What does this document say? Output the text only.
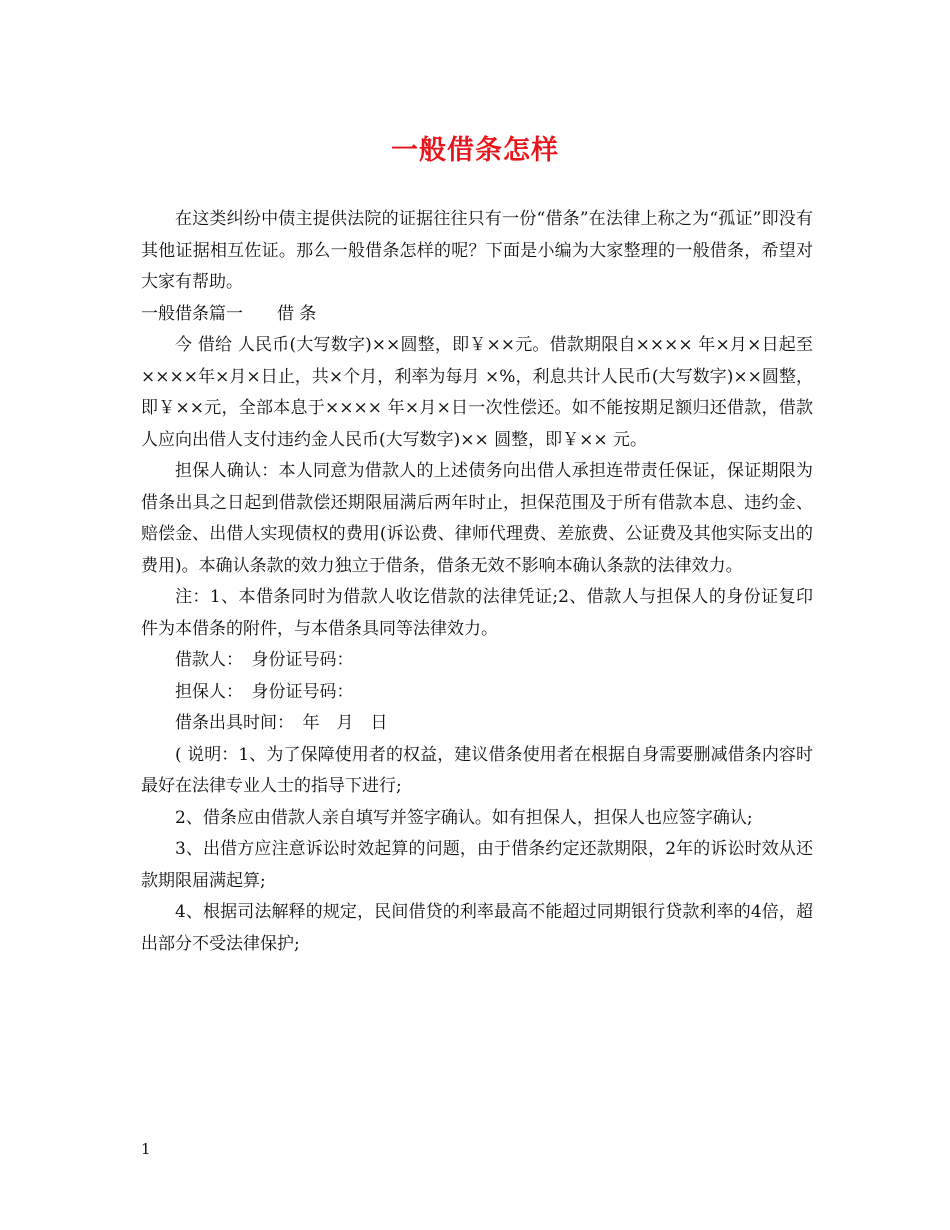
一般借条怎样

在这类纠纷中债主提供法院的证据往往只有一份“借条”在法律上称之为“孤证”即没有其他证据相互佐证。那么一般借条怎样的呢？下面是小编为大家整理的一般借条，希望对大家有帮助。

一般借条篇一　　借 条

今 借给 人民币(大写数字)××圆整，即￥××元。借款期限自×××× 年×月×日起至××××年×月×日止，共×个月，利率为每月 ×%，利息共计人民币(大写数字)××圆整，即￥××元，全部本息于×××× 年×月×日一次性偿还。如不能按期足额归还借款，借款人应向出借人支付违约金人民币(大写数字)×× 圆整，即￥×× 元。

担保人确认：本人同意为借款人的上述债务向出借人承担连带责任保证，保证期限为借条出具之日起到借款偿还期限届满后两年时止，担保范围及于所有借款本息、违约金、赔偿金、出借人实现债权的费用(诉讼费、律师代理费、差旅费、公证费及其他实际支出的费用)。本确认条款的效力独立于借条，借条无效不影响本确认条款的法律效力。

注：1、本借条同时为借款人收讫借款的法律凭证;2、借款人与担保人的身份证复印件为本借条的附件，与本借条具同等法律效力。

借款人：　身份证号码：

担保人：　身份证号码：

借条出具时间：　年　月　日

( 说明：1、为了保障使用者的权益，建议借条使用者在根据自身需要删减借条内容时最好在法律专业人士的指导下进行;

2、借条应由借款人亲自填写并签字确认。如有担保人，担保人也应签字确认;

3、出借方应注意诉讼时效起算的问题，由于借条约定还款期限，2年的诉讼时效从还款期限届满起算;

4、根据司法解释的规定，民间借贷的利率最高不能超过同期银行贷款利率的4倍，超出部分不受法律保护;

1
